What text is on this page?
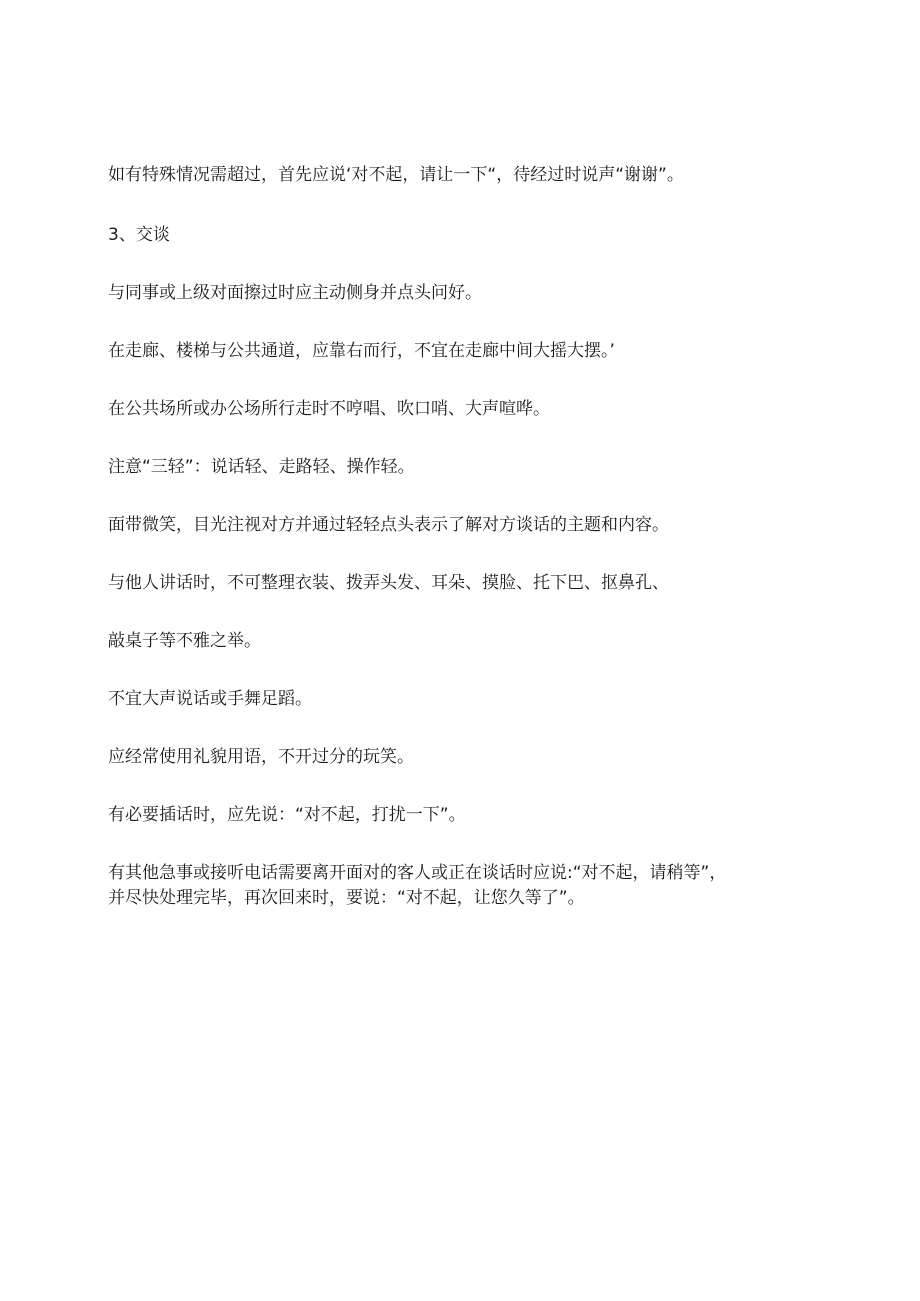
如有特殊情况需超过，首先应说‘对不起，请让一下“，待经过时说声“谢谢”。
3、交谈
与同事或上级对面擦过时应主动侧身并点头问好。
在走廊、楼梯与公共通道，应靠右而行，不宜在走廊中间大摇大摆。’
在公共场所或办公场所行走时不哼唱、吹口哨、大声喧哗。
注意“三轻”：说话轻、走路轻、操作轻。
面带微笑，目光注视对方并通过轻轻点头表示了解对方谈话的主题和内容。
与他人讲话时，不可整理衣装、拨弄头发、耳朵、摸脸、托下巴、抠鼻孔、
敲桌子等不雅之举。
不宜大声说话或手舞足蹈。
应经常使用礼貌用语，不开过分的玩笑。
有必要插话时，应先说：“对不起，打扰一下”。
有其他急事或接听电话需要离开面对的客人或正在谈话时应说:“对不起，请稍等”，
并尽快处理完毕，再次回来时，要说：“对不起，让您久等了”。
